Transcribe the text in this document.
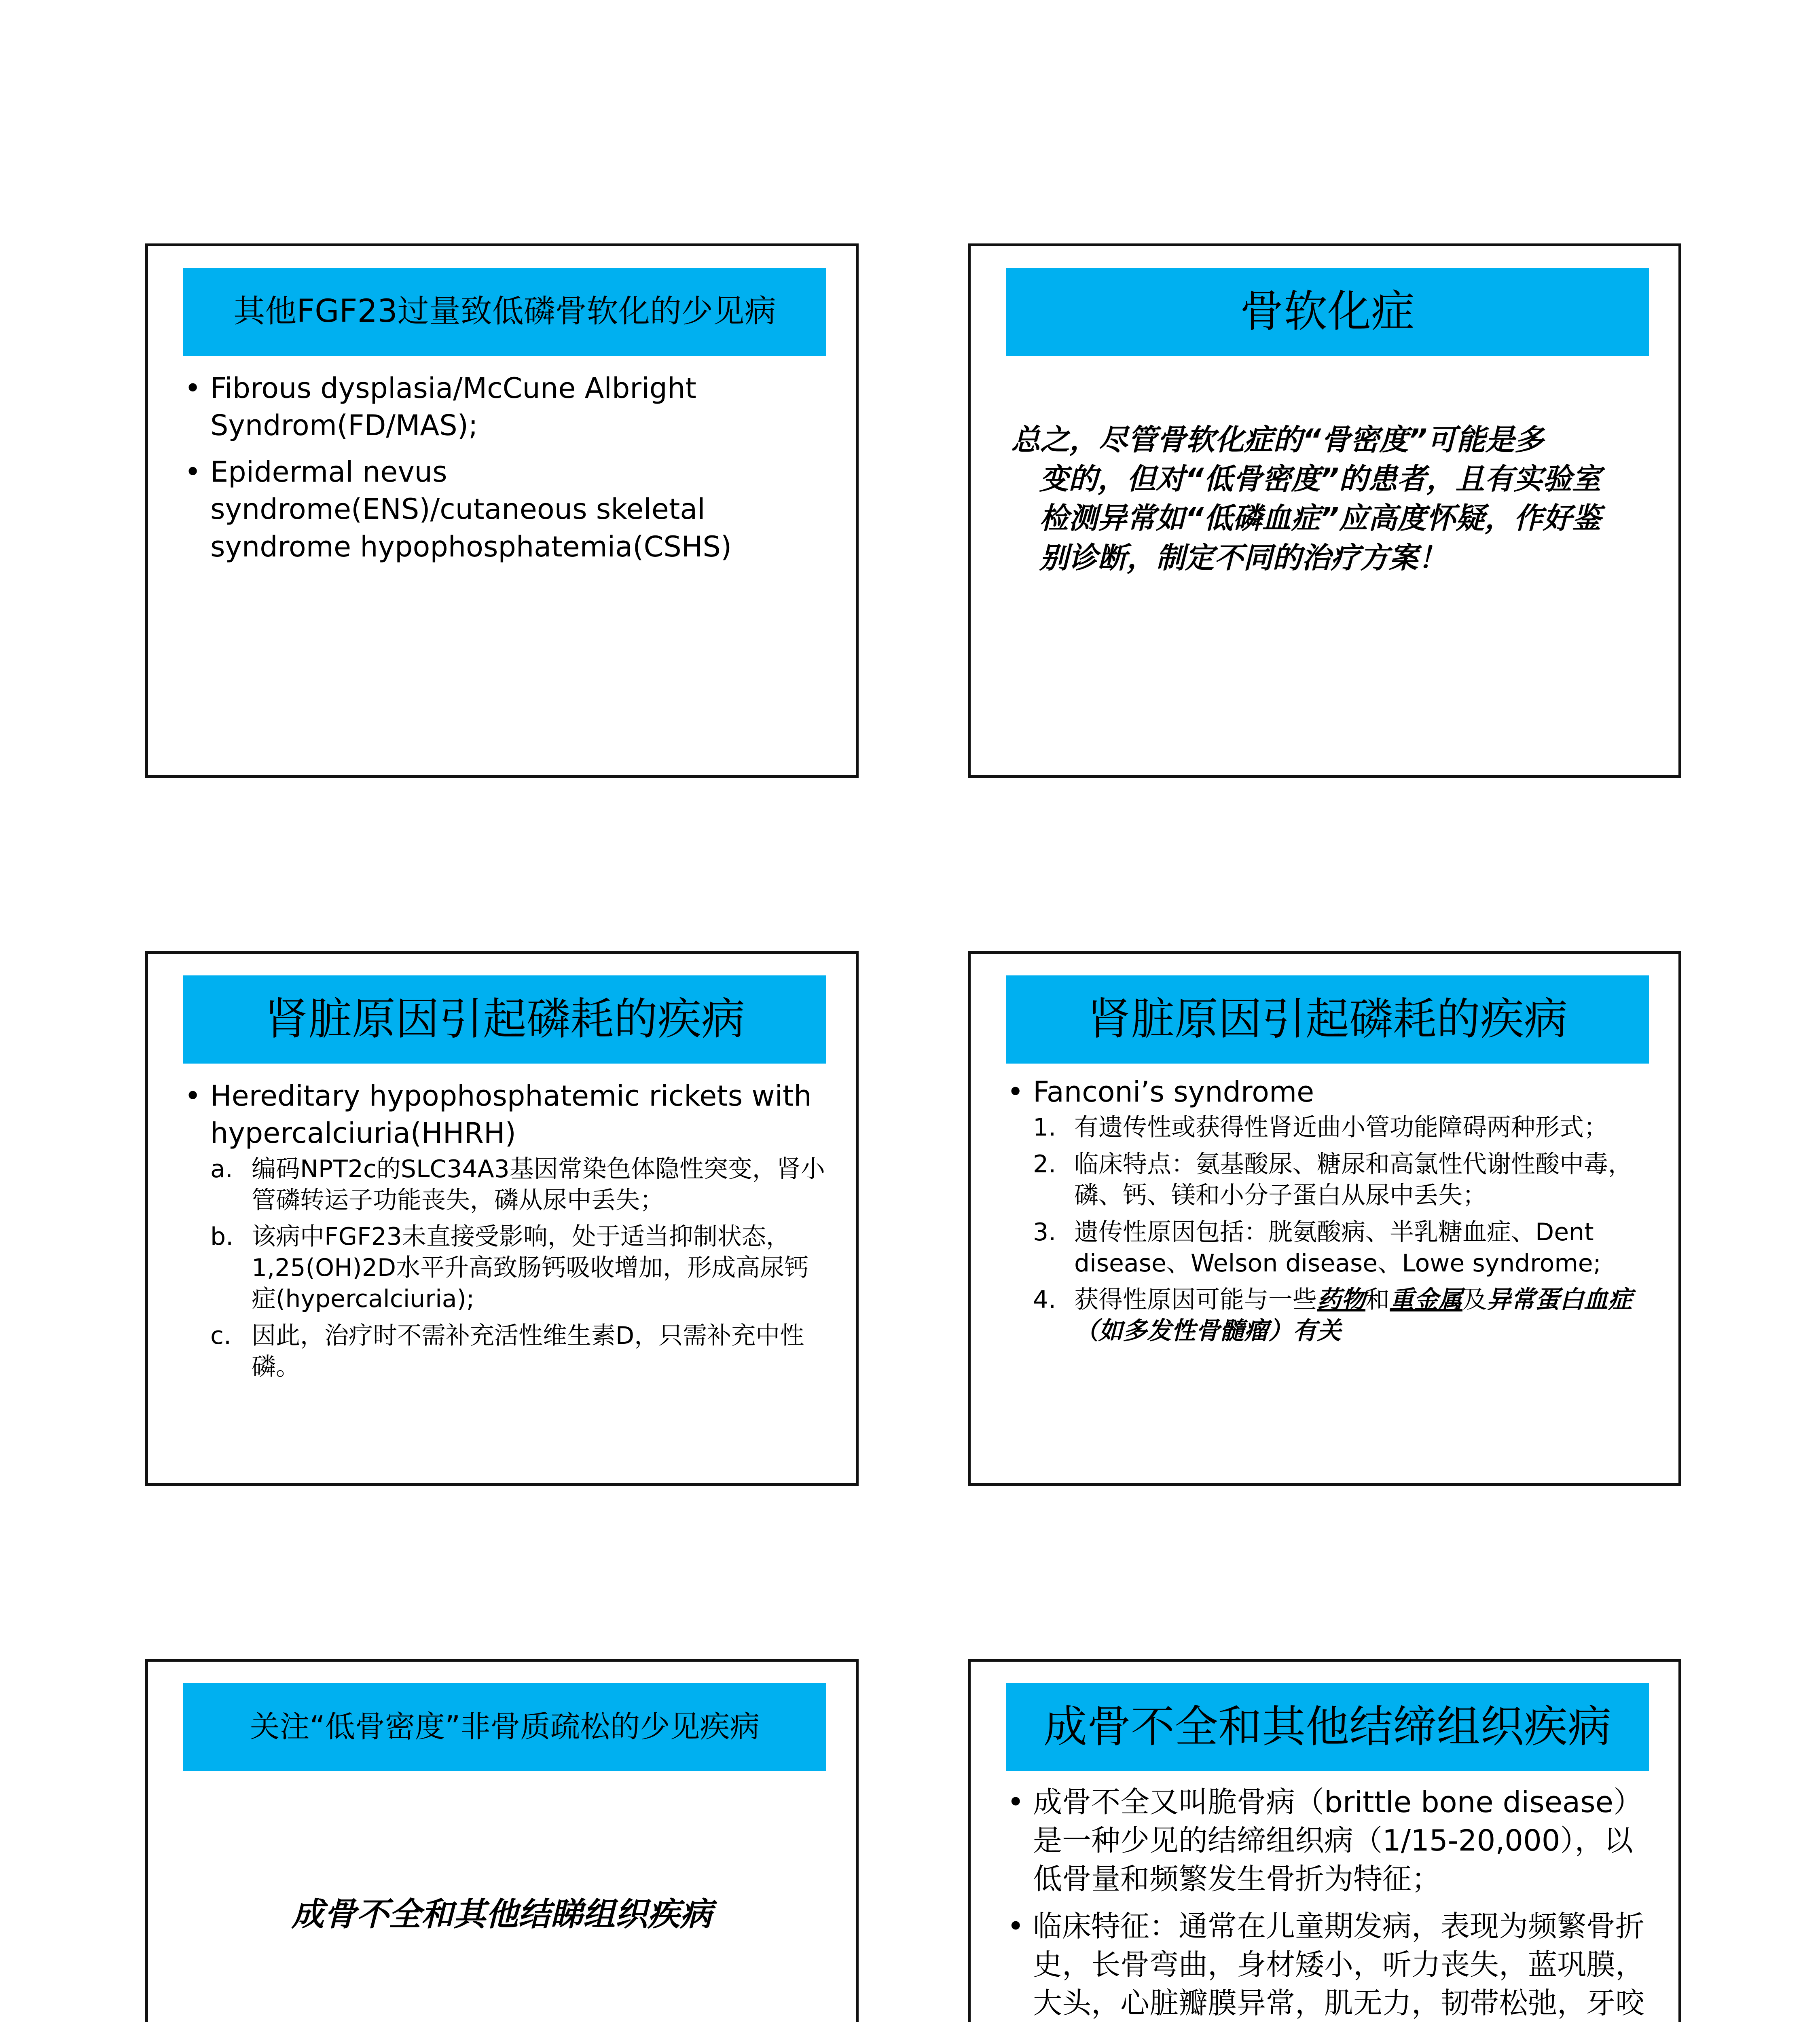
其他FGF23过量致低磷骨软化的少见病
• Fibrous dysplasia/McCune Albright Syndrom(FD/MAS);
• Epidermal nevus syndrome(ENS)/cutaneous skeletal syndrome hypophosphatemia(CSHS)
骨软化症
总之，尽管骨软化症的“骨密度”可能是多
变的，但对“低骨密度”的患者，且有实验室检测异常如“低磷血症”应高度怀疑，作好鉴别诊断，制定不同的治疗方案！
肾脏原因引起磷耗的疾病
• Hereditary hypophosphatemic rickets with hypercalciuria(HHRH)
a. 编码NPT2c的SLC34A3基因常染色体隐性突变，肾小管磷转运子功能丧失，磷从尿中丢失；
b. 该病中FGF23未直接受影响，处于适当抑制状态，1,25(OH)2D水平升高致肠钙吸收增加，形成高尿钙症(hypercalciuria);
c. 因此，治疗时不需补充活性维生素D，只需补充中性磷。
肾脏原因引起磷耗的疾病
• Fanconi’s syndrome
1. 有遗传性或获得性肾近曲小管功能障碍两种形式；
2. 临床特点：氨基酸尿、糖尿和高氯性代谢性酸中毒，磷、钙、镁和小分子蛋白从尿中丢失；
3. 遗传性原因包括：胱氨酸病、半乳糖血症、Dent disease、Welson disease、Lowe syndrome;
4. 获得性原因可能与一些药物和重金属及异常蛋白血症（如多发性骨髓瘤）有关
关注“低骨密度”非骨质疏松的少见疾病
成骨不全和其他结睇组织疾病
成骨不全和其他结缔组织疾病
• 成骨不全又叫脆骨病（brittle bone disease）是一种少见的结缔组织病（1/15-20,000），以低骨量和频繁发生骨折为特征；
• 临床特征：通常在儿童期发病，表现为频繁骨折史，长骨弯曲，身材矮小，听力丧失，蓝巩膜，大头，心脏瓣膜异常，肌无力，韧带松弛，牙咬
